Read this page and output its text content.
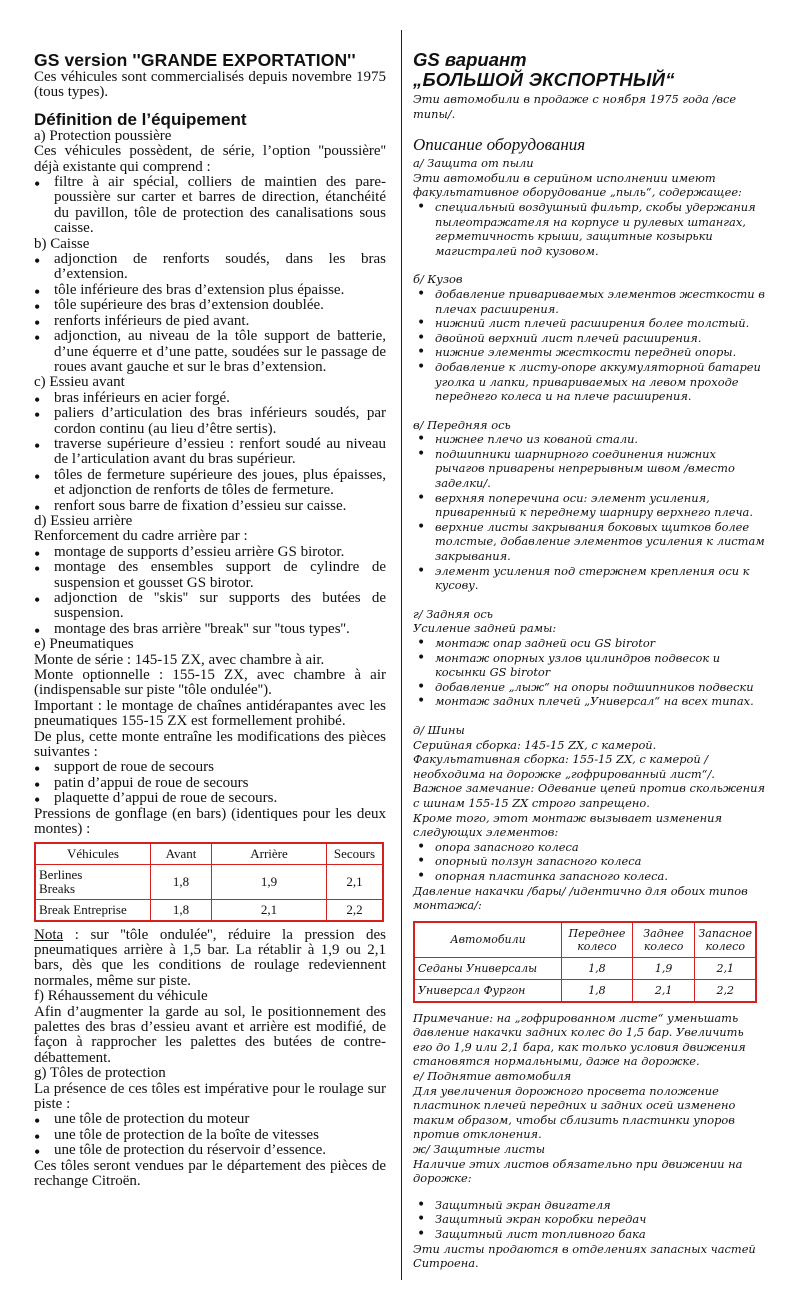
GS version ''GRANDE EXPORTATION''

Ces véhicules sont commercialisés depuis novembre 1975 (tous types).

Définition de l’équipement

a) Protection poussière

Ces véhicules possèdent, de série, l’option ''poussière'' déjà existante qui comprend :

• filtre à air spécial, colliers de maintien des pare-poussière sur carter et barres de direction, étanchéité du pavillon, tôle de protection des canalisations sous caisse.

b) Caisse

• adjonction de renforts soudés, dans les bras d’extension.
• tôle inférieure des bras d’extension plus épaisse.
• tôle supérieure des bras d’extension doublée.
• renforts inférieurs de pied avant.
• adjonction, au niveau de la tôle support de batterie, d’une équerre et d’une patte, soudées sur le passage de roues avant gauche et sur le bras d’extension.

c) Essieu avant

• bras inférieurs en acier forgé.
• paliers d’articulation des bras inférieurs soudés, par cordon continu (au lieu d’être sertis).
• traverse supérieure d’essieu : renfort soudé au niveau de l’articulation avant du bras supérieur.
• tôles de fermeture supérieure des joues, plus épaisses, et adjonction de renforts de tôles de fermeture.
• renfort sous barre de fixation d’essieu sur caisse.

d) Essieu arrière

Renforcement du cadre arrière par :

• montage de supports d’essieu arrière GS birotor.
• montage des ensembles support de cylindre de suspension et gousset GS birotor.
• adjonction de ''skis'' sur supports des butées de suspension.
• montage des bras arrière ''break'' sur ''tous types''.

e) Pneumatiques

Monte de série : 145-15 ZX, avec chambre à air.

Monte optionnelle : 155-15 ZX, avec chambre à air (indispensable sur piste ''tôle ondulée'').

Important : le montage de chaînes antidérapantes avec les pneumatiques 155-15 ZX est formellement prohibé.

De plus, cette monte entraîne les modifications des pièces suivantes :

• support de roue de secours
• patin d’appui de roue de secours
• plaquette d’appui de roue de secours.

Pressions de gonflage (en bars) (identiques pour les deux montes) :

Véhicules	Avant	Arrière	Secours
Berlines
Breaks	1,8	1,9	2,1
Break Entreprise	1,8	2,1	2,2

Nota : sur ''tôle ondulée'', réduire la pression des pneumatiques arrière à 1,5 bar. La rétablir à 1,9 ou 2,1 bars, dès que les conditions de roulage redeviennent normales, même sur piste.

f) Réhaussement du véhicule

Afin d’augmenter la garde au sol, le positionnement des palettes des bras d’essieu avant et arrière est modifié, de façon à rapprocher les palettes des butées de contre-débattement.

g) Tôles de protection

La présence de ces tôles est impérative pour le roulage sur piste :

• une tôle de protection du moteur
• une tôle de protection de la boîte de vitesses
• une tôle de protection du réservoir d’essence.

Ces tôles seront vendues par le département des pièces de rechange Citroën.

GS вариант

„БОЛЬШОЙ ЭКСПОРТНЫЙ“

Эти автомобили в продаже с ноября 1975 года /все типы/.

Описание оборудования

а/ Защита от пыли

Эти автомобили в серийном исполнении имеют факультативное оборудование „пыль“, содержащее:

• специальный воздушный фильтр, скобы удержания пылеотражателя на корпусе и рулевых штангах, герметичность крыши, защитные козырьки магистралей под кузовом.

б/ Кузов

• добавление привариваемых элементов жесткости в плечах расширения.
• нижний лист плечей расширения более толстый.
• двойной верхний лист плечей расширения.
• нижние элементы жесткости передней опоры.
• добавление к листу-опоре аккумуляторной батареи уголка и лапки, привариваемых на левом проходе переднего колеса и на плече расширения.

в/ Передняя ось

• нижнее плечо из кованой стали.
• подшипники шарнирного соединения нижних рычагов приварены непрерывным швом /вместо заделки/.
• верхняя поперечина оси: элемент усиления, приваренный к переднему шарниру верхнего плеча.
• верхние листы закрывания боковых щитков более толстые, добавление элементов усиления к листам закрывания.
• элемент усиления под стержнем крепления оси к кусову.

г/ Задняя ось

Усиление задней рамы:

• монтаж опар задней оси GS birotor
• монтаж опорных узлов цилиндров подвесок и косынки GS birotor
• добавление „лыж“ на опоры подшипников подвески
• монтаж задних плечей „Универсал“ на всех типах.

д/ Шины

Серийная сборка: 145-15 ZX, с камерой.

Факультативная сборка: 155-15 ZX, с камерой /необходима на дорожке „гофрированный лист“/.

Важное замечание: Одевание цепей против скольжения с шинам 155-15 ZX строго запрещено.

Кроме того, этот монтаж вызывает изменения следующих элементов:

• опора запасного колеса
• опорный ползун запасного колеса
• опорная пластинка запасного колеса.

Давление накачки /бары/ /идентично для обоих типов монтажа/:

Автомобили	Переднее колесо	Заднее колесо	Запасное колесо
Седаны Универсалы	1,8	1,9	2,1
Универсал Фургон	1,8	2,1	2,2

Примечание: на „гофрированном листе“ уменьшать давление накачки задних колес до 1,5 бар. Увеличить его до 1,9 или 2,1 бара, как только условия движения становятся нормальными, даже на дорожке.

е/ Поднятие автомобиля

Для увеличения дорожного просвета положение пластинок плечей передних и задних осей изменено таким образом, чтобы сблизить пластинки упоров против отклонения.

ж/ Защитные листы

Наличие этих листов обязательно при движении на дорожке:

• Защитный экран двигателя
• Защитный экран коробки передач
• Защитный лист топливного бака

Эти листы продаются в отделениях запасных частей Ситроена.
